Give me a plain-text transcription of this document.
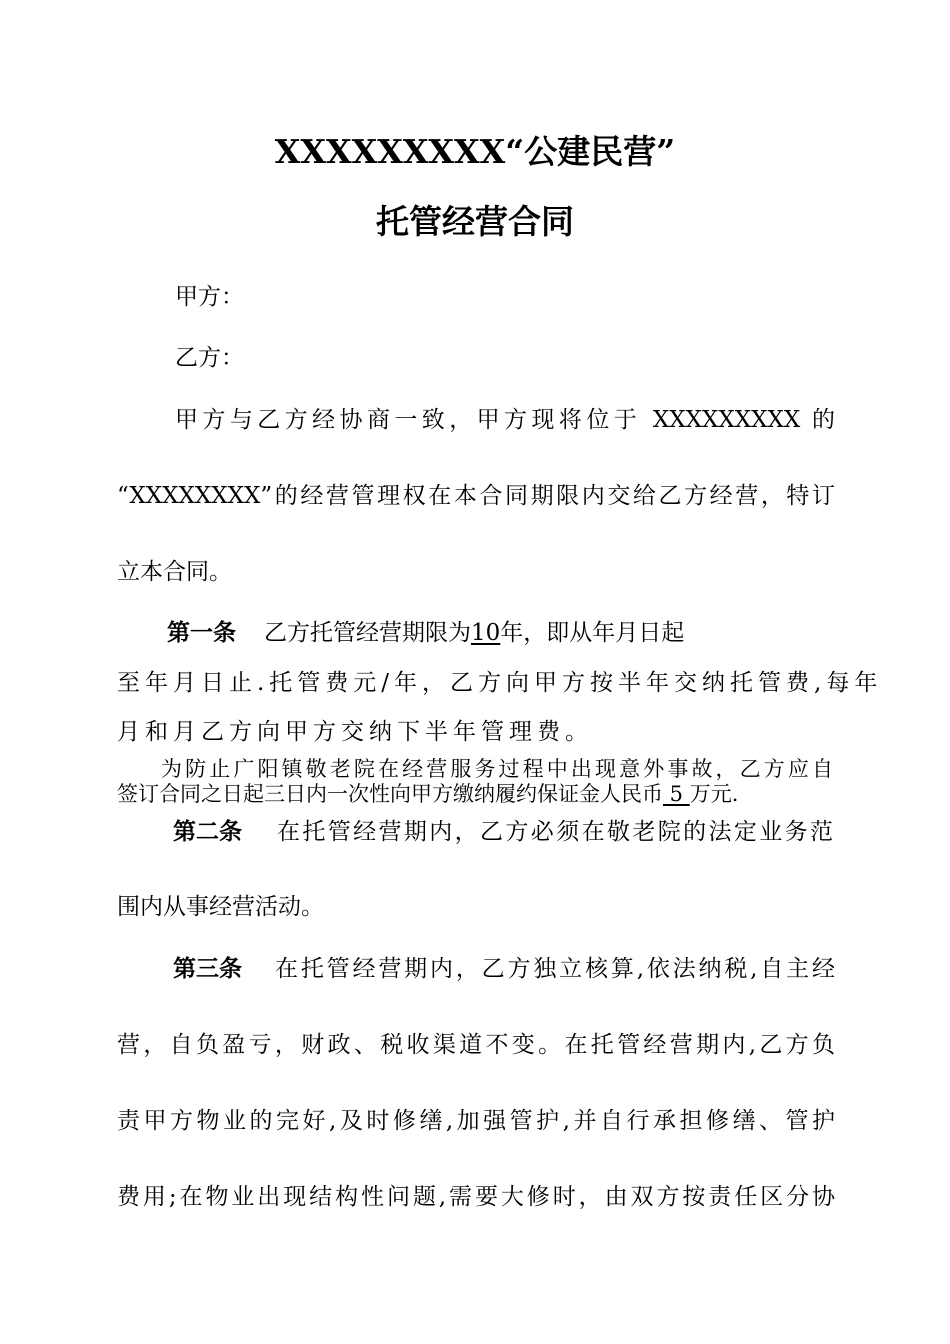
XXXXXXXXX“公建民营”
托管经营合同
甲方：
乙方：
甲方与乙方经协商一致，甲方现将位于 XXXXXXXXX 的
“XXXXXXXX”的经营管理权在本合同期限内交给乙方经营，特订
立本合同。
第一条 乙方托管经营期限为10年，即从年月日起
至年月日止.托管费元/年，乙方向甲方按半年交纳托管费,每年
月和月乙方向甲方交纳下半年管理费。
为防止广阳镇敬老院在经营服务过程中出现意外事故，乙方应自
签订合同之日起三日内一次性向甲方缴纳履约保证金人民币 5 万元.
第二条 在托管经营期内，乙方必须在敬老院的法定业务范
围内从事经营活动。
第三条 在托管经营期内，乙方独立核算,依法纳税,自主经
营，自负盈亏，财政、税收渠道不变。在托管经营期内,乙方负
责甲方物业的完好,及时修缮,加强管护,并自行承担修缮、管护
费用;在物业出现结构性问题,需要大修时，由双方按责任区分协
